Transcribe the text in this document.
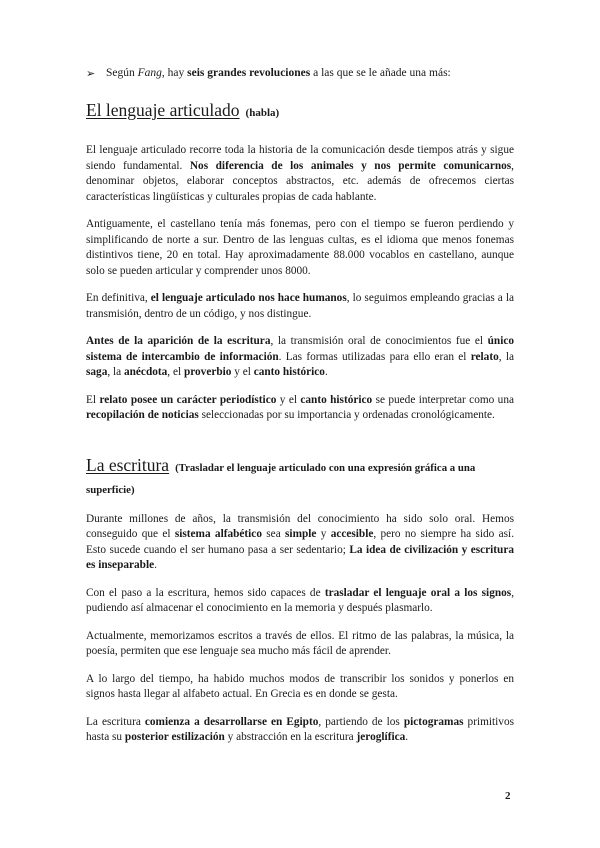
➢ Según Fang, hay seis grandes revoluciones a las que se le añade una más:
El lenguaje articulado (habla)

El lenguaje articulado recorre toda la historia de la comunicación desde tiempos atrás y sigue siendo fundamental. Nos diferencia de los animales y nos permite comunicarnos, denominar objetos, elaborar conceptos abstractos, etc. además de ofrecemos ciertas características lingüísticas y culturales propias de cada hablante.

Antiguamente, el castellano tenía más fonemas, pero con el tiempo se fueron perdiendo y simplificando de norte a sur. Dentro de las lenguas cultas, es el idioma que menos fonemas distintivos tiene, 20 en total. Hay aproximadamente 88.000 vocablos en castellano, aunque solo se pueden articular y comprender unos 8000.

En definitiva, el lenguaje articulado nos hace humanos, lo seguimos empleando gracias a la transmisión, dentro de un código, y nos distingue.

Antes de la aparición de la escritura, la transmisión oral de conocimientos fue el único sistema de intercambio de información. Las formas utilizadas para ello eran el relato, la saga, la anécdota, el proverbio y el canto histórico.

El relato posee un carácter periodístico y el canto histórico se puede interpretar como una recopilación de noticias seleccionadas por su importancia y ordenadas cronológicamente.

La escritura (Trasladar el lenguaje articulado con una expresión gráfica a una superficie)

Durante millones de años, la transmisión del conocimiento ha sido solo oral. Hemos conseguido que el sistema alfabético sea simple y accesible, pero no siempre ha sido así. Esto sucede cuando el ser humano pasa a ser sedentario; La idea de civilización y escritura es inseparable.

Con el paso a la escritura, hemos sido capaces de trasladar el lenguaje oral a los signos, pudiendo así almacenar el conocimiento en la memoria y después plasmarlo.

Actualmente, memorizamos escritos a través de ellos. El ritmo de las palabras, la música, la poesía, permiten que ese lenguaje sea mucho más fácil de aprender.

A lo largo del tiempo, ha habido muchos modos de transcribir los sonidos y ponerlos en signos hasta llegar al alfabeto actual. En Grecia es en donde se gesta.

La escritura comienza a desarrollarse en Egipto, partiendo de los pictogramas primitivos hasta su posterior estilización y abstracción en la escritura jeroglífica.

2
